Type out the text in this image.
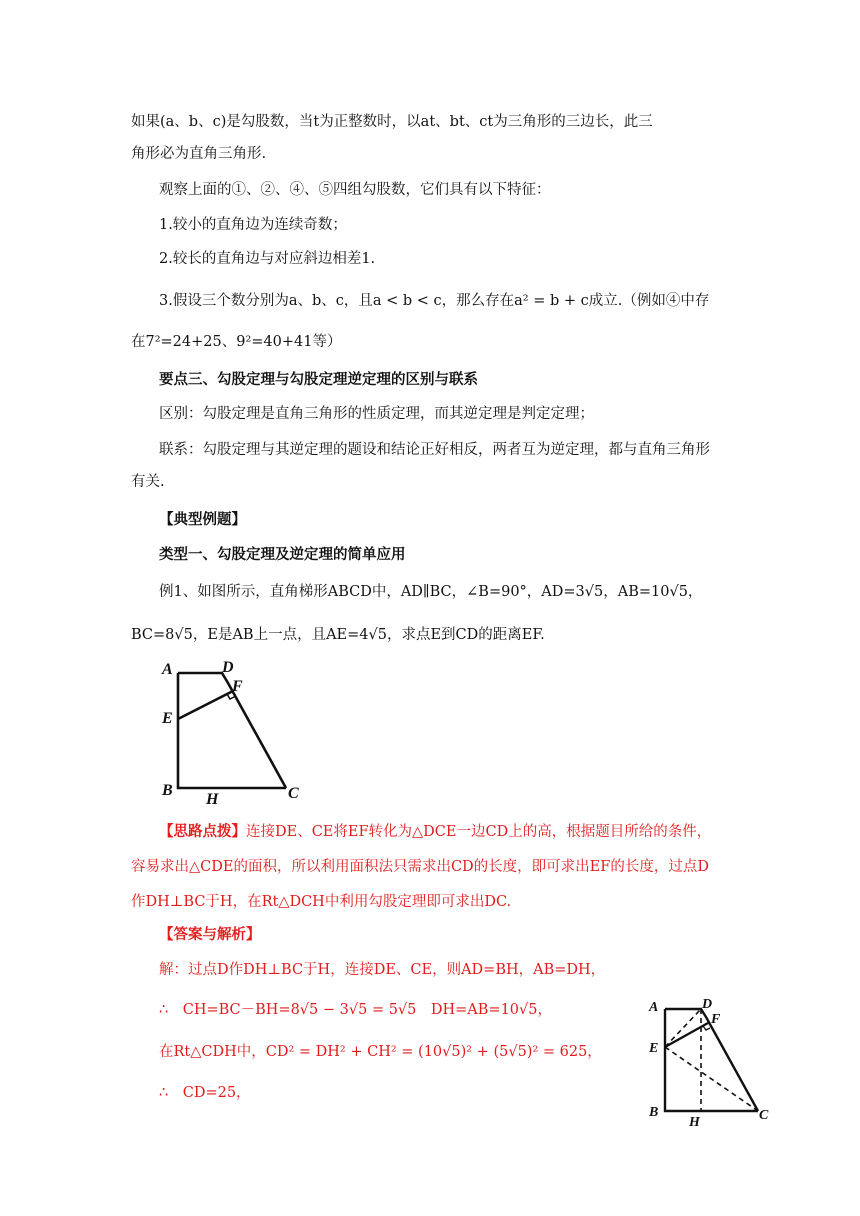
如果(a、b、c)是勾股数，当t为正整数时，以at、bt、ct为三角形的三边长，此三
角形必为直角三角形.
观察上面的①、②、④、⑤四组勾股数，它们具有以下特征：
1.较小的直角边为连续奇数；
2.较长的直角边与对应斜边相差1.
3.假设三个数分别为a、b、c，且a < b < c，那么存在a² = b + c成立.（例如④中存
在7²=24+25、9²=40+41等）
要点三、勾股定理与勾股定理逆定理的区别与联系
区别：勾股定理是直角三角形的性质定理，而其逆定理是判定定理；
联系：勾股定理与其逆定理的题设和结论正好相反，两者互为逆定理，都与直角三角形
有关.
【典型例题】
类型一、勾股定理及逆定理的简单应用
例1、如图所示，直角梯形ABCD中，AD∥BC，∠B=90°，AD=3√5，AB=10√5，
BC=8√5，E是AB上一点，且AE=4√5，求点E到CD的距离EF.
A	D
F
E
B
H	C
【思路点拨】连接DE、CE将EF转化为△DCE一边CD上的高，根据题目所给的条件，
容易求出△CDE的面积，所以利用面积法只需求出CD的长度，即可求出EF的长度，过点D
作DH⊥BC于H，在Rt△DCH中利用勾股定理即可求出DC.
【答案与解析】
解：过点D作DH⊥BC于H，连接DE、CE，则AD=BH，AB=DH，
∴　CH=BC－BH=8√5 − 3√5 = 5√5　DH=AB=10√5，
在Rt△CDH中，CD² = DH² + CH² = (10√5)² + (5√5)² = 625，
∴　CD=25，
A	D
F
E
B
H	C
